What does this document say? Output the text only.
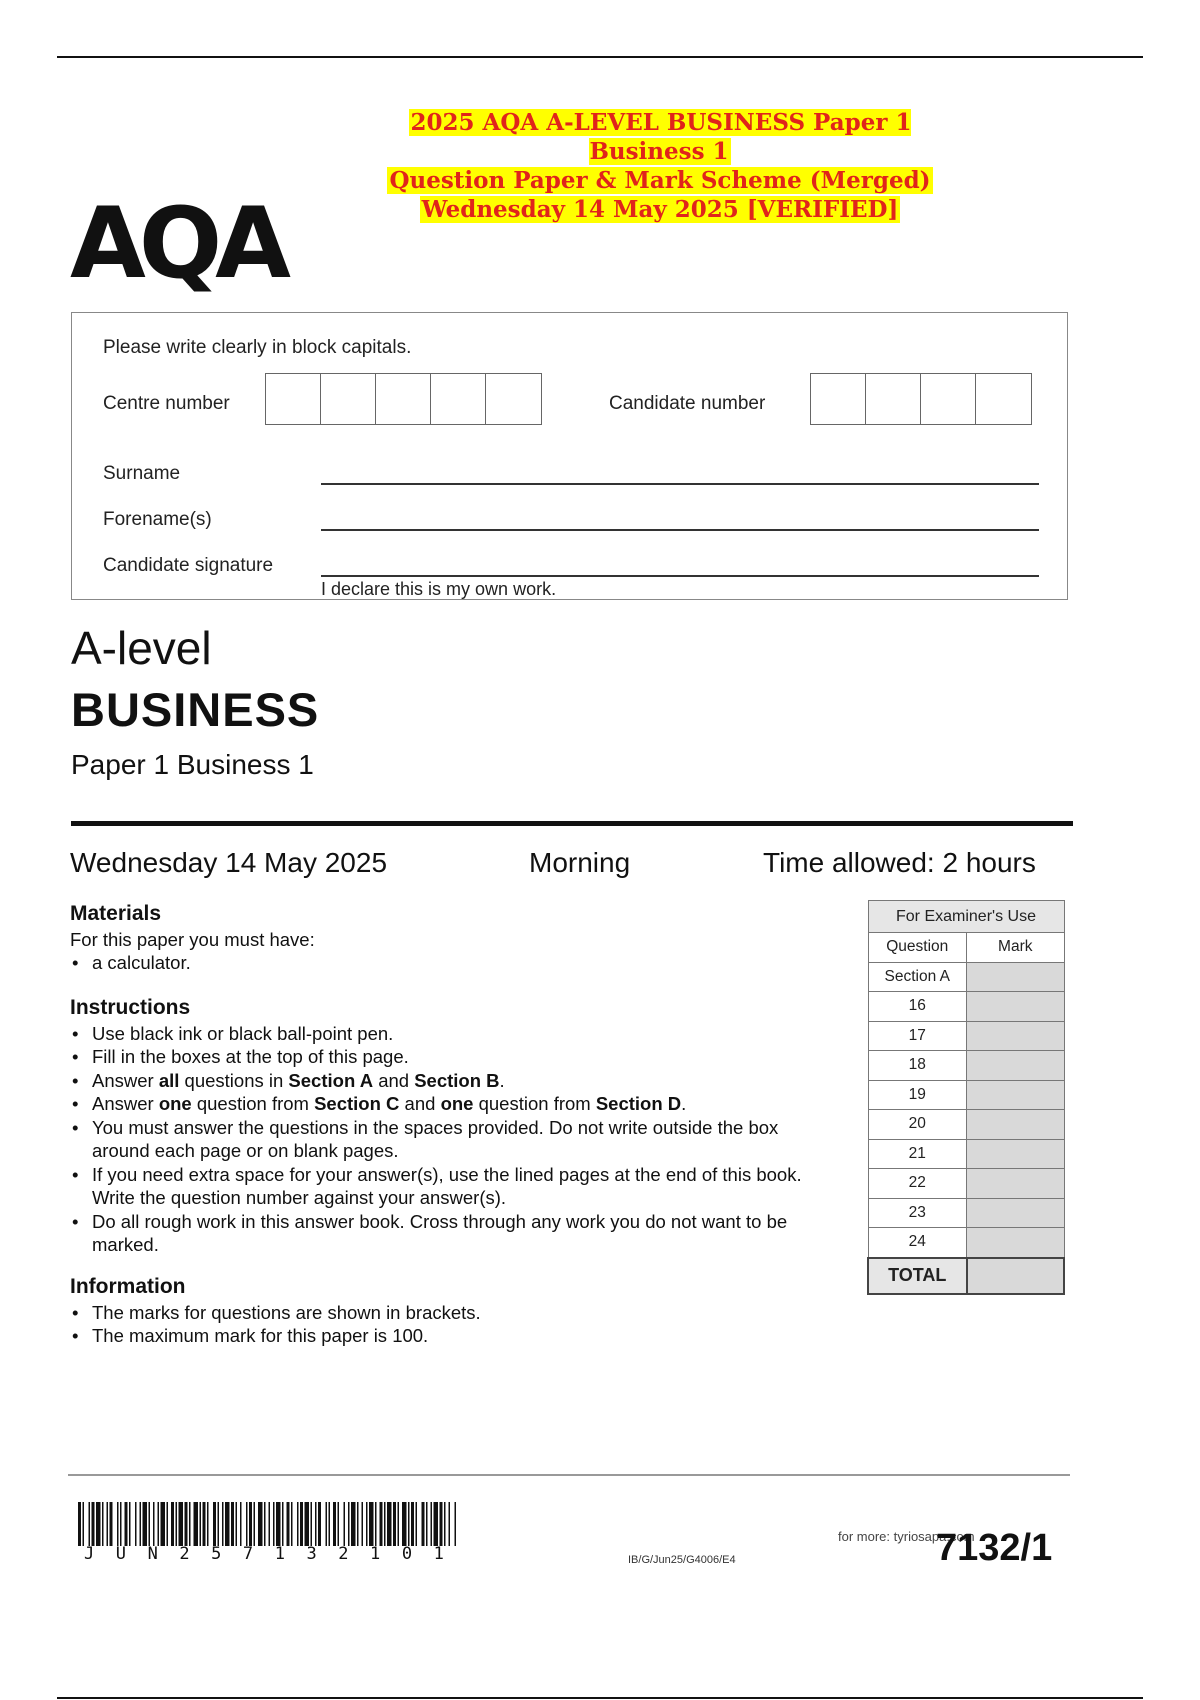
2025 AQA A-LEVEL BUSINESS Paper 1 Business 1
Question Paper & Mark Scheme (Merged)
Wednesday 14 May 2025 [VERIFIED]
AQA
Please write clearly in block capitals.
Centre number	Candidate number
Surname
Forename(s)
Candidate signature
I declare this is my own work.
A-level
BUSINESS
Paper 1 Business 1
Wednesday 14 May 2025	Morning	Time allowed: 2 hours
Materials

For this paper you must have:

• a calculator.
Instructions
• Use black ink or black ball-point pen.
• Fill in the boxes at the top of this page.
• Answer all questions in Section A and Section B.
• Answer one question from Section C and one question from Section D.
• You must answer the questions in the spaces provided. Do not write outside the box around each page or on blank pages.
• If you need extra space for your answer(s), use the lined pages at the end of this book. Write the question number against your answer(s).
• Do all rough work in this answer book. Cross through any work you do not want to be marked.
Information
• The marks for questions are shown in brackets.
• The maximum mark for this paper is 100.
For Examiner's Use	
Question	Mark
Section A	
16	
17	
18	
19	
20	
21	
22	
23	
24	
TOTAL	
J U N 2 5 7 1 3 2 1 0 1	IB/G/Jun25/G4006/E4
for more: tyriosapa.com
7132/1
